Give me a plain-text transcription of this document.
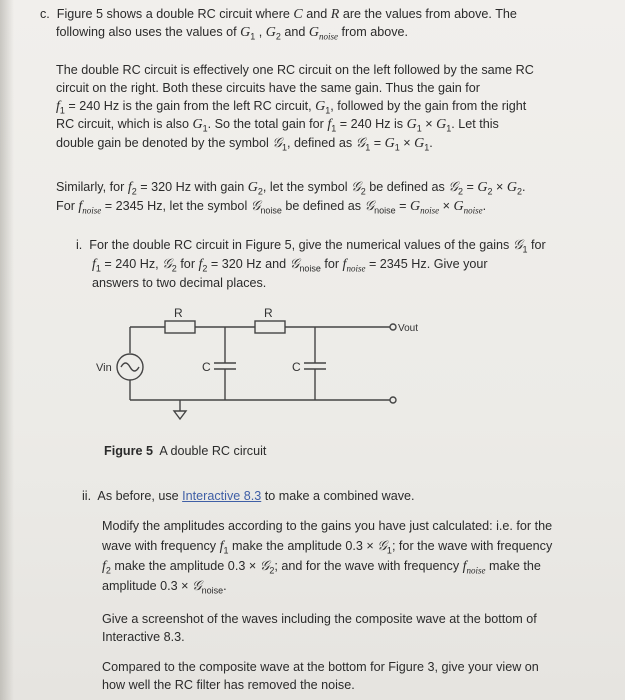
c. Figure 5 shows a double RC circuit where C and R are the values from above. The
following also uses the values of $G_1$ , $G_2$ and $G_{noise}$ from above.
The double RC circuit is effectively one RC circuit on the left followed by the same RC
circuit on the right. Both these circuits have the same gain. Thus the gain for
$f_1 = 240$ Hz is the gain from the left RC circuit, $G_1$, followed by the gain from the right
RC circuit, which is also $G_1$. So the total gain for $f_1 = 240$ Hz is $G_1 \times G_1$. Let this
double gain be denoted by the symbol 𝒢$_1$, defined as 𝒢$_1$ = $G_1 \times G_1$.
Similarly, for $f_2 = 320$ Hz with gain $G_2$, let the symbol 𝒢$_2$ be defined as 𝒢$_2$ = $G_2 \times G_2$.
For $f_{noise} = 2345$ Hz, let the symbol 𝒢$_{noise}$ be defined as 𝒢$_{noise}$ = $G_{noise} \times G_{noise}$.
i. For the double RC circuit in Figure 5, give the numerical values of the gains 𝒢$_1$ for
$f_1 = 240$ Hz, 𝒢$_2$ for $f_2 = 320$ Hz and 𝒢$_{noise}$ for $f_{noise} = 2345$ Hz. Give your
answers to two decimal places.
R	R
C	C
Vin
Vout
Figure 5 A double RC circuit
ii. As before, use Interactive 8.3 to make a combined wave.
Modify the amplitudes according to the gains you have just calculated: i.e. for the
wave with frequency $f_1$ make the amplitude 0.3 × 𝒢$_1$; for the wave with frequency
$f_2$ make the amplitude 0.3 × 𝒢$_2$; and for the wave with frequency $f_{noise}$ make the
amplitude 0.3 × 𝒢$_{noise}$.
Give a screenshot of the waves including the composite wave at the bottom of
Interactive 8.3.
Compared to the composite wave at the bottom for Figure 3, give your view on
how well the RC filter has removed the noise.
